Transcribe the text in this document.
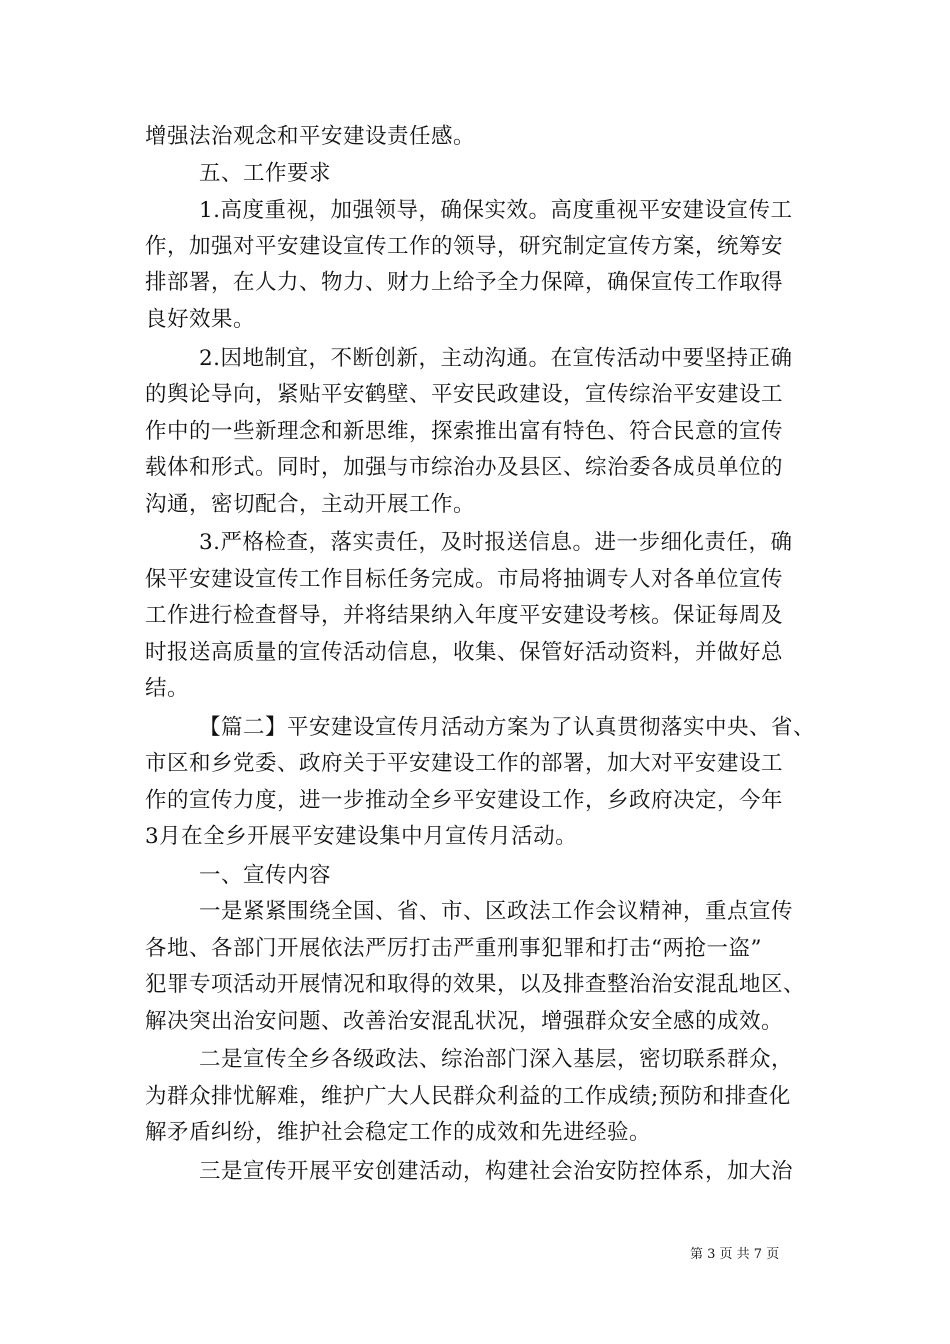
增强法治观念和平安建设责任感。
五、工作要求
1.高度重视，加强领导，确保实效。高度重视平安建设宣传工
作，加强对平安建设宣传工作的领导，研究制定宣传方案，统筹安
排部署，在人力、物力、财力上给予全力保障，确保宣传工作取得
良好效果。
2.因地制宜，不断创新，主动沟通。在宣传活动中要坚持正确
的舆论导向，紧贴平安鹤壁、平安民政建设，宣传综治平安建设工
作中的一些新理念和新思维，探索推出富有特色、符合民意的宣传
载体和形式。同时，加强与市综治办及县区、综治委各成员单位的
沟通，密切配合，主动开展工作。
3.严格检查，落实责任，及时报送信息。进一步细化责任，确
保平安建设宣传工作目标任务完成。市局将抽调专人对各单位宣传
工作进行检查督导，并将结果纳入年度平安建设考核。保证每周及
时报送高质量的宣传活动信息，收集、保管好活动资料，并做好总
结。
【篇二】平安建设宣传月活动方案为了认真贯彻落实中央、省、
市区和乡党委、政府关于平安建设工作的部署，加大对平安建设工
作的宣传力度，进一步推动全乡平安建设工作，乡政府决定，今年
3月在全乡开展平安建设集中月宣传月活动。
一、宣传内容
一是紧紧围绕全国、省、市、区政法工作会议精神，重点宣传
各地、各部门开展依法严厉打击严重刑事犯罪和打击“两抢一盗”
犯罪专项活动开展情况和取得的效果，以及排查整治治安混乱地区、
解决突出治安问题、改善治安混乱状况，增强群众安全感的成效。
二是宣传全乡各级政法、综治部门深入基层，密切联系群众，
为群众排忧解难，维护广大人民群众利益的工作成绩;预防和排查化
解矛盾纠纷，维护社会稳定工作的成效和先进经验。
三是宣传开展平安创建活动，构建社会治安防控体系，加大治
第 3 页 共 7 页
